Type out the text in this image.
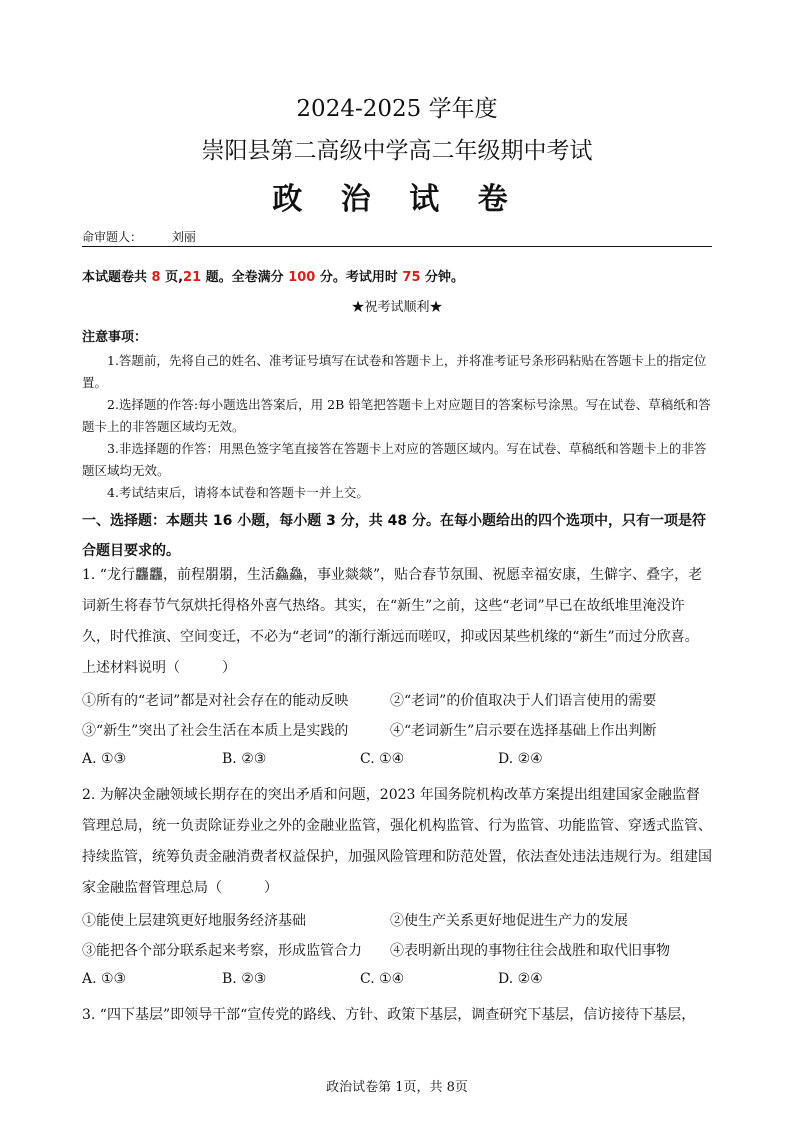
2024-2025 学年度
崇阳县第二高级中学高二年级期中考试
政 治 试 卷
命审题人： 刘丽
本试题卷共 8 页,21 题。全卷满分 100 分。考试用时 75 分钟。
★祝考试顺利★
注意事项：
1.答题前，先将自己的姓名、准考证号填写在试卷和答题卡上，并将准考证号条形码粘贴在答题卡上的指定位置。
2.选择题的作答:每小题选出答案后，用 2B 铅笔把答题卡上对应题目的答案标号涂黑。写在试卷、草稿纸和答题卡上的非答题区域均无效。
3.非选择题的作答：用黑色签字笔直接答在答题卡上对应的答题区域内。写在试卷、草稿纸和答题卡上的非答题区域均无效。
4.考试结束后，请将本试卷和答题卡一并上交。
一、选择题：本题共 16 小题，每小题 3 分，共 48 分。在每小题给出的四个选项中，只有一项是符合题目要求的。
1. “龙行龘龘，前程朤朤，生活鱻鱻，事业燚燚”，贴合春节氛围、祝愿幸福安康，生僻字、叠字，老词新生将春节气氛烘托得格外喜气热络。其实，在“新生”之前，这些“老词”早已在故纸堆里淹没许久，时代推演、空间变迁，不必为“老词”的渐行渐远而嗟叹，抑或因某些机缘的“新生”而过分欣喜。上述材料说明（　　　）
①所有的“老词”都是对社会存在的能动反映	②“老词”的价值取决于人们语言使用的需要
③“新生”突出了社会生活在本质上是实践的	④“老词新生”启示要在选择基础上作出判断
A. ①③	B. ②③	C. ①④	D. ②④
2. 为解决金融领域长期存在的突出矛盾和问题，2023 年国务院机构改革方案提出组建国家金融监督管理总局，统一负责除证券业之外的金融业监管，强化机构监管、行为监管、功能监管、穿透式监管、持续监管，统筹负责金融消费者权益保护，加强风险管理和防范处置，依法查处违法违规行为。组建国家金融监督管理总局（　　　）
①能使上层建筑更好地服务经济基础	②使生产关系更好地促进生产力的发展
③能把各个部分联系起来考察，形成监管合力 ④表明新出现的事物往往会战胜和取代旧事物
A. ①③	B. ②③	C. ①④	D. ②④
3. “四下基层”即领导干部“宣传党的路线、方针、政策下基层，调查研究下基层，信访接待下基层，
政治试卷第 1页，共 8页
